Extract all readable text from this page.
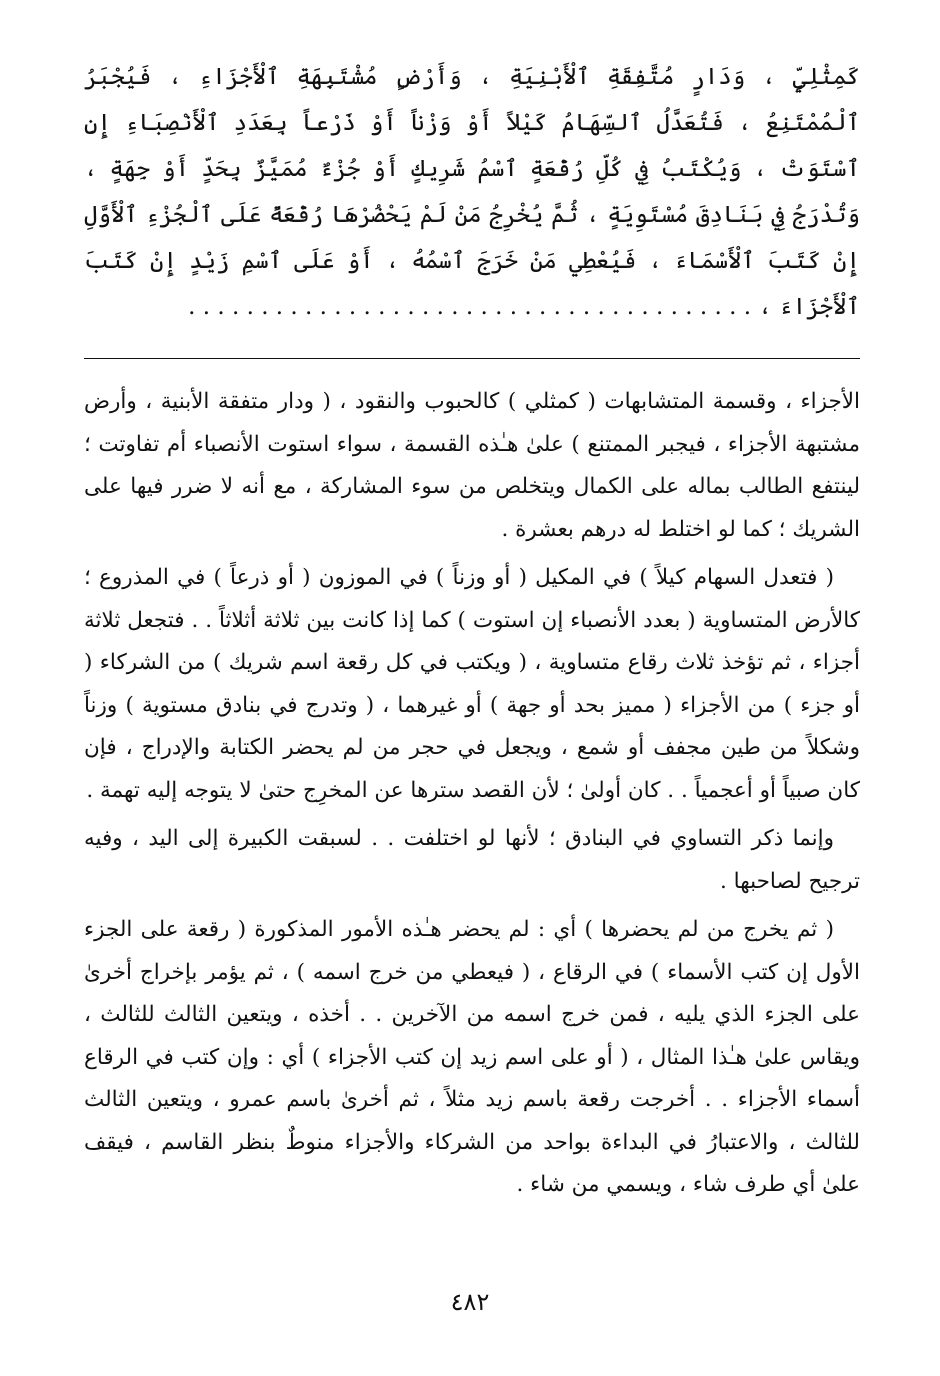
كَمِثْلِيٍّ ، وَدَارٍ مُتَّفِقَةِ ٱلْأَبْنِيَةِ ، وَأَرْضٍ مُشْتَبِهَةِ ٱلْأَجْزَاءِ ، فَيُجْبَرُ ٱلْمُمْتَنِعُ ، فَتُعَدَّلُ ٱلسِّهَامُ كَيْلاً أَوْ وَزْناً أَوْ ذَرْعاً بِعَدَدِ ٱلْأَنْصِبَاءِ إِنِ ٱسْتَوَتْ ، وَيُكْتَبُ فِي كُلِّ رُقْعَةٍ ٱسْمُ شَرِيكٍ أَوْ جُزْءٌ مُمَيَّزٌ بِحَدٍّ أَوْ جِهَةٍ ، وَتُدْرَجُ فِي بَنَادِقَ مُسْتَوِيَةٍ ، ثُمَّ يُخْرِجُ مَنْ لَمْ يَحْضُرْهَا رُقْعَةً عَلَى ٱلْجُزْءِ ٱلْأَوَّلِ إِنْ كَتَبَ ٱلْأَسْمَاءَ ، فَيُعْطِي مَنْ خَرَجَ ٱسْمُهُ ، أَوْ عَلَى ٱسْمِ زَيْدٍ إِنْ كَتَبَ ٱلْأَجْزَاءَ ، . . . . . . . . . . . . . . . . . . . . . . . . . . . . . . . . . . . . . . .

الأجزاء ، وقسمة المتشابهات ( كمثلي ) كالحبوب والنقود ، ( ودار متفقة الأبنية ، وأرض مشتبهة الأجزاء ، فيجبر الممتنع ) علىٰ هـٰذه القسمة ، سواء استوت الأنصباء أم تفاوتت ؛ لينتفع الطالب بماله على الكمال ويتخلص من سوء المشاركة ، مع أنه لا ضرر فيها على الشريك ؛ كما لو اختلط له درهم بعشرة .

( فتعدل السهام كيلاً ) في المكيل ( أو وزناً ) في الموزون ( أو ذرعاً ) في المذروع ؛ كالأرض المتساوية ( بعدد الأنصباء إن استوت ) كما إذا كانت بين ثلاثة أثلاثاً . . فتجعل ثلاثة أجزاء ، ثم تؤخذ ثلاث رقاع متساوية ، ( ويكتب في كل رقعة اسم شريك ) من الشركاء ( أو جزء ) من الأجزاء ( مميز بحد أو جهة ) أو غيرهما ، ( وتدرج في بنادق مستوية ) وزناً وشكلاً من طين مجفف أو شمع ، ويجعل في حجر من لم يحضر الكتابة والإدراج ، فإن كان صبياً أو أعجمياً . . كان أولىٰ ؛ لأن القصد سترها عن المخرِج حتىٰ لا يتوجه إليه تهمة .

وإنما ذكر التساوي في البنادق ؛ لأنها لو اختلفت . . لسبقت الكبيرة إلى اليد ، وفيه ترجيح لصاحبها .

( ثم يخرج من لم يحضرها ) أي : لم يحضر هـٰذه الأمور المذكورة ( رقعة على الجزء الأول إن كتب الأسماء ) في الرقاع ، ( فيعطي من خرج اسمه ) ، ثم يؤمر بإخراج أخرىٰ على الجزء الذي يليه ، فمن خرج اسمه من الآخرين . . أخذه ، ويتعين الثالث للثالث ، ويقاس علىٰ هـٰذا المثال ، ( أو على اسم زيد إن كتب الأجزاء ) أي : وإن كتب في الرقاع أسماء الأجزاء . . أخرجت رقعة باسم زيد مثلاً ، ثم أخرىٰ باسم عمرو ، ويتعين الثالث للثالث ، والاعتبارُ في البداءة بواحد من الشركاء والأجزاء منوطٌ بنظر القاسم ، فيقف علىٰ أي طرف شاء ، ويسمي من شاء .

٤٨٢
